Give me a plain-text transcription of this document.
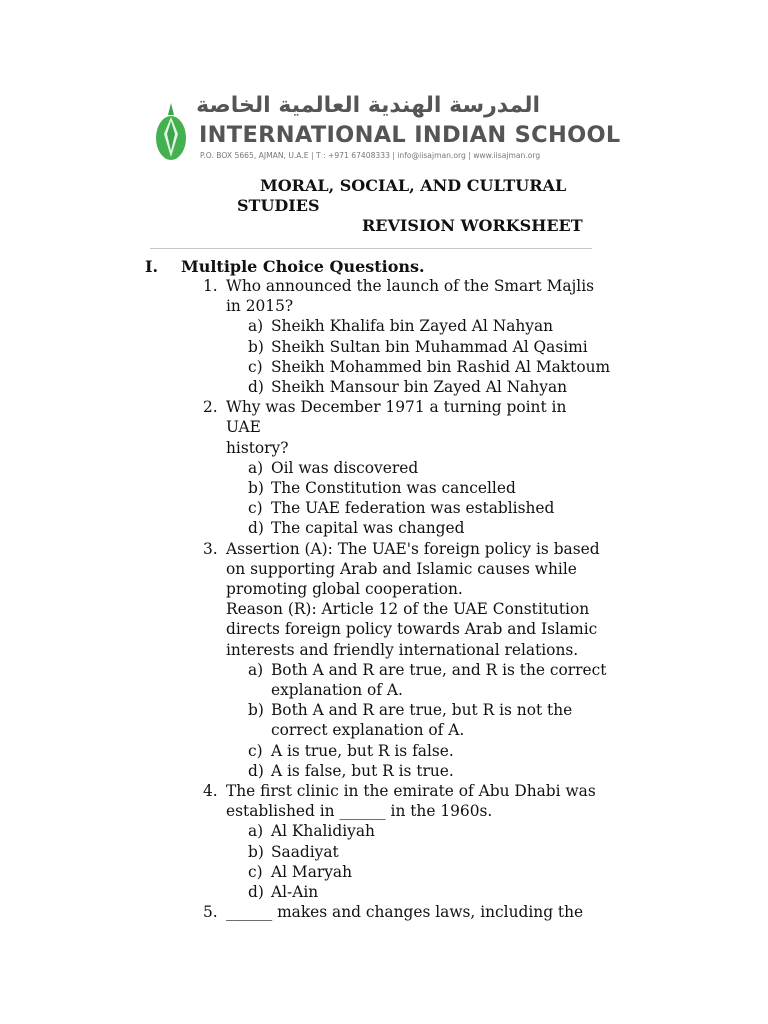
المدرسة الهندية العالمية الخاصة
INTERNATIONAL INDIAN SCHOOL
P.O. BOX 5665, AJMAN, U.A.E | T : +971 67408333 | info@iisajman.org | www.iisajman.org
MORAL, SOCIAL, AND CULTURAL
STUDIES
REVISION WORKSHEET
I. Multiple Choice Questions.
1. Who announced the launch of the Smart Majlis
in 2015?
a) Sheikh Khalifa bin Zayed Al Nahyan
b) Sheikh Sultan bin Muhammad Al Qasimi
c) Sheikh Mohammed bin Rashid Al Maktoum
d) Sheikh Mansour bin Zayed Al Nahyan
2. Why was December 1971 a turning point in UAE
history?
a) Oil was discovered
b) The Constitution was cancelled
c) The UAE federation was established
d) The capital was changed
3. Assertion (A): The UAE's foreign policy is based
on supporting Arab and Islamic causes while
promoting global cooperation.
Reason (R): Article 12 of the UAE Constitution directs foreign policy towards Arab and Islamic interests and friendly international relations.
a) Both A and R are true, and R is the correct explanation of A.
b) Both A and R are true, but R is not the correct explanation of A.
c) A is true, but R is false.
d) A is false, but R is true.
4. The first clinic in the emirate of Abu Dhabi was
established in ______ in the 1960s.
a) Al Khalidiyah
b) Saadiyat
c) Al Maryah
d) Al-Ain
5. ______ makes and changes laws, including the
